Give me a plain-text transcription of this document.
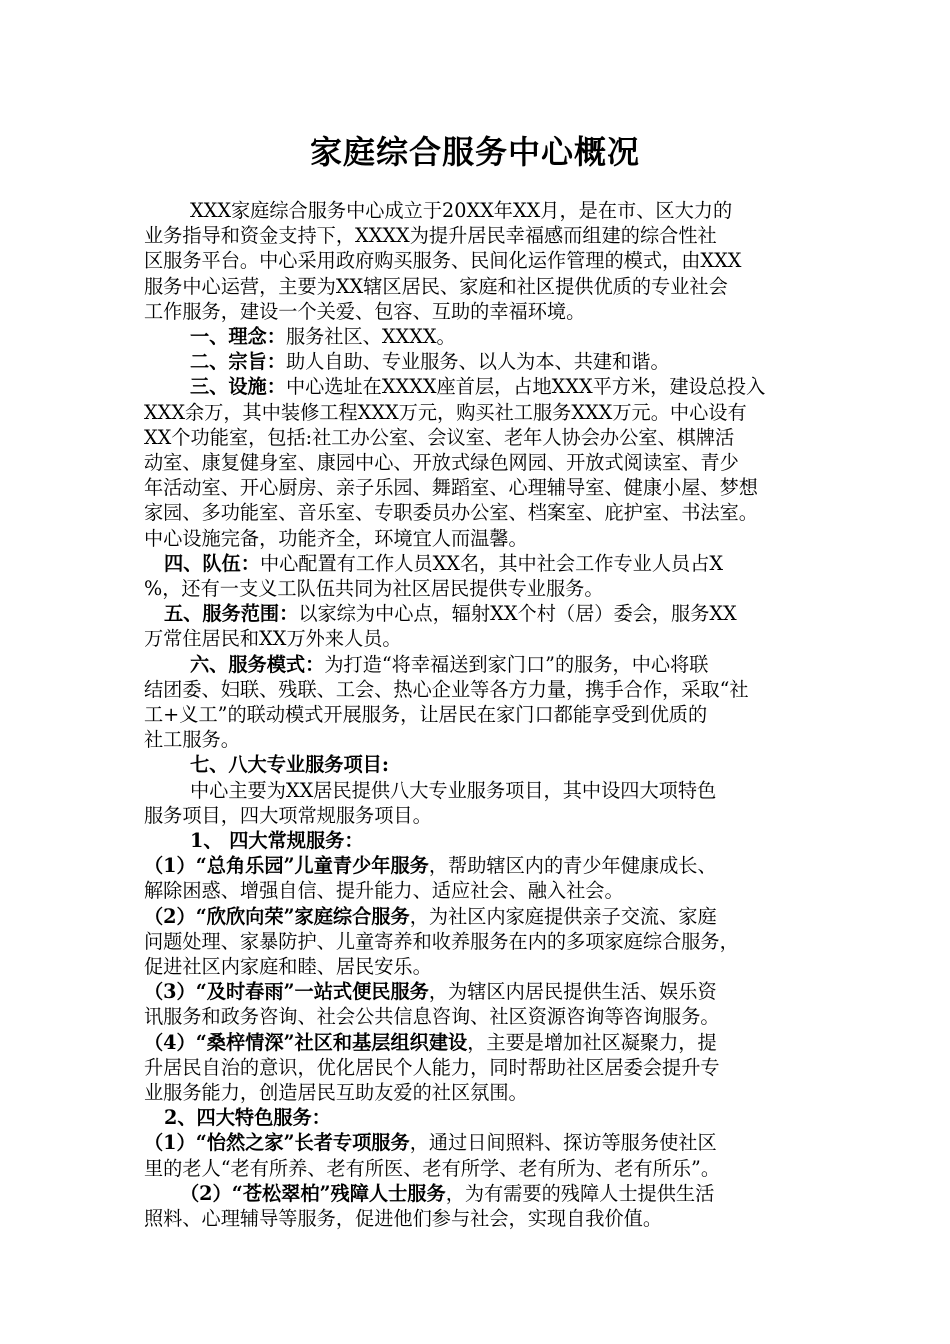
家庭综合服务中心概况
XXX家庭综合服务中心成立于20XX年XX月，是在市、区大力的
业务指导和资金支持下，XXXX为提升居民幸福感而组建的综合性社
区服务平台。中心采用政府购买服务、民间化运作管理的模式，由XXX
服务中心运营，主要为XX辖区居民、家庭和社区提供优质的专业社会
工作服务，建设一个关爱、包容、互助的幸福环境。
一、理念：服务社区、XXXX。
二、宗旨：助人自助、专业服务、以人为本、共建和谐。
三、设施：中心选址在XXXX座首层，占地XXX平方米，建设总投入
XXX余万，其中装修工程XXX万元，购买社工服务XXX万元。中心设有
XX个功能室，包括:社工办公室、会议室、老年人协会办公室、棋牌活
动室、康复健身室、康园中心、开放式绿色网园、开放式阅读室、青少
年活动室、开心厨房、亲子乐园、舞蹈室、心理辅导室、健康小屋、梦想
家园、多功能室、音乐室、专职委员办公室、档案室、庇护室、书法室。
中心设施完备，功能齐全，环境宜人而温馨。
四、队伍：中心配置有工作人员XX名，其中社会工作专业人员占X
%，还有一支义工队伍共同为社区居民提供专业服务。
五、服务范围：以家综为中心点，辐射XX个村（居）委会，服务XX
万常住居民和XX万外来人员。
六、服务模式：为打造“将幸福送到家门口”的服务，中心将联
结团委、妇联、残联、工会、热心企业等各方力量，携手合作，采取“社
工+义工”的联动模式开展服务，让居民在家门口都能享受到优质的
社工服务。
七、八大专业服务项目:
中心主要为XX居民提供八大专业服务项目，其中设四大项特色
服务项目，四大项常规服务项目。
1、 四大常规服务：
（1）“总角乐园”儿童青少年服务，帮助辖区内的青少年健康成长、
解除困惑、增强自信、提升能力、适应社会、融入社会。
（2）“欣欣向荣”家庭综合服务，为社区内家庭提供亲子交流、家庭
问题处理、家暴防护、儿童寄养和收养服务在内的多项家庭综合服务，
促进社区内家庭和睦、居民安乐。
（3）“及时春雨”一站式便民服务，为辖区内居民提供生活、娱乐资
讯服务和政务咨询、社会公共信息咨询、社区资源咨询等咨询服务。
（4）“桑梓情深”社区和基层组织建设，主要是增加社区凝聚力，提
升居民自治的意识，优化居民个人能力，同时帮助社区居委会提升专
业服务能力，创造居民互助友爱的社区氛围。
2、四大特色服务：
（1）“怡然之家”长者专项服务，通过日间照料、探访等服务使社区
里的老人“老有所养、老有所医、老有所学、老有所为、老有所乐”。
（2）“苍松翠柏”残障人士服务，为有需要的残障人士提供生活
照料、心理辅导等服务，促进他们参与社会，实现自我价值。
